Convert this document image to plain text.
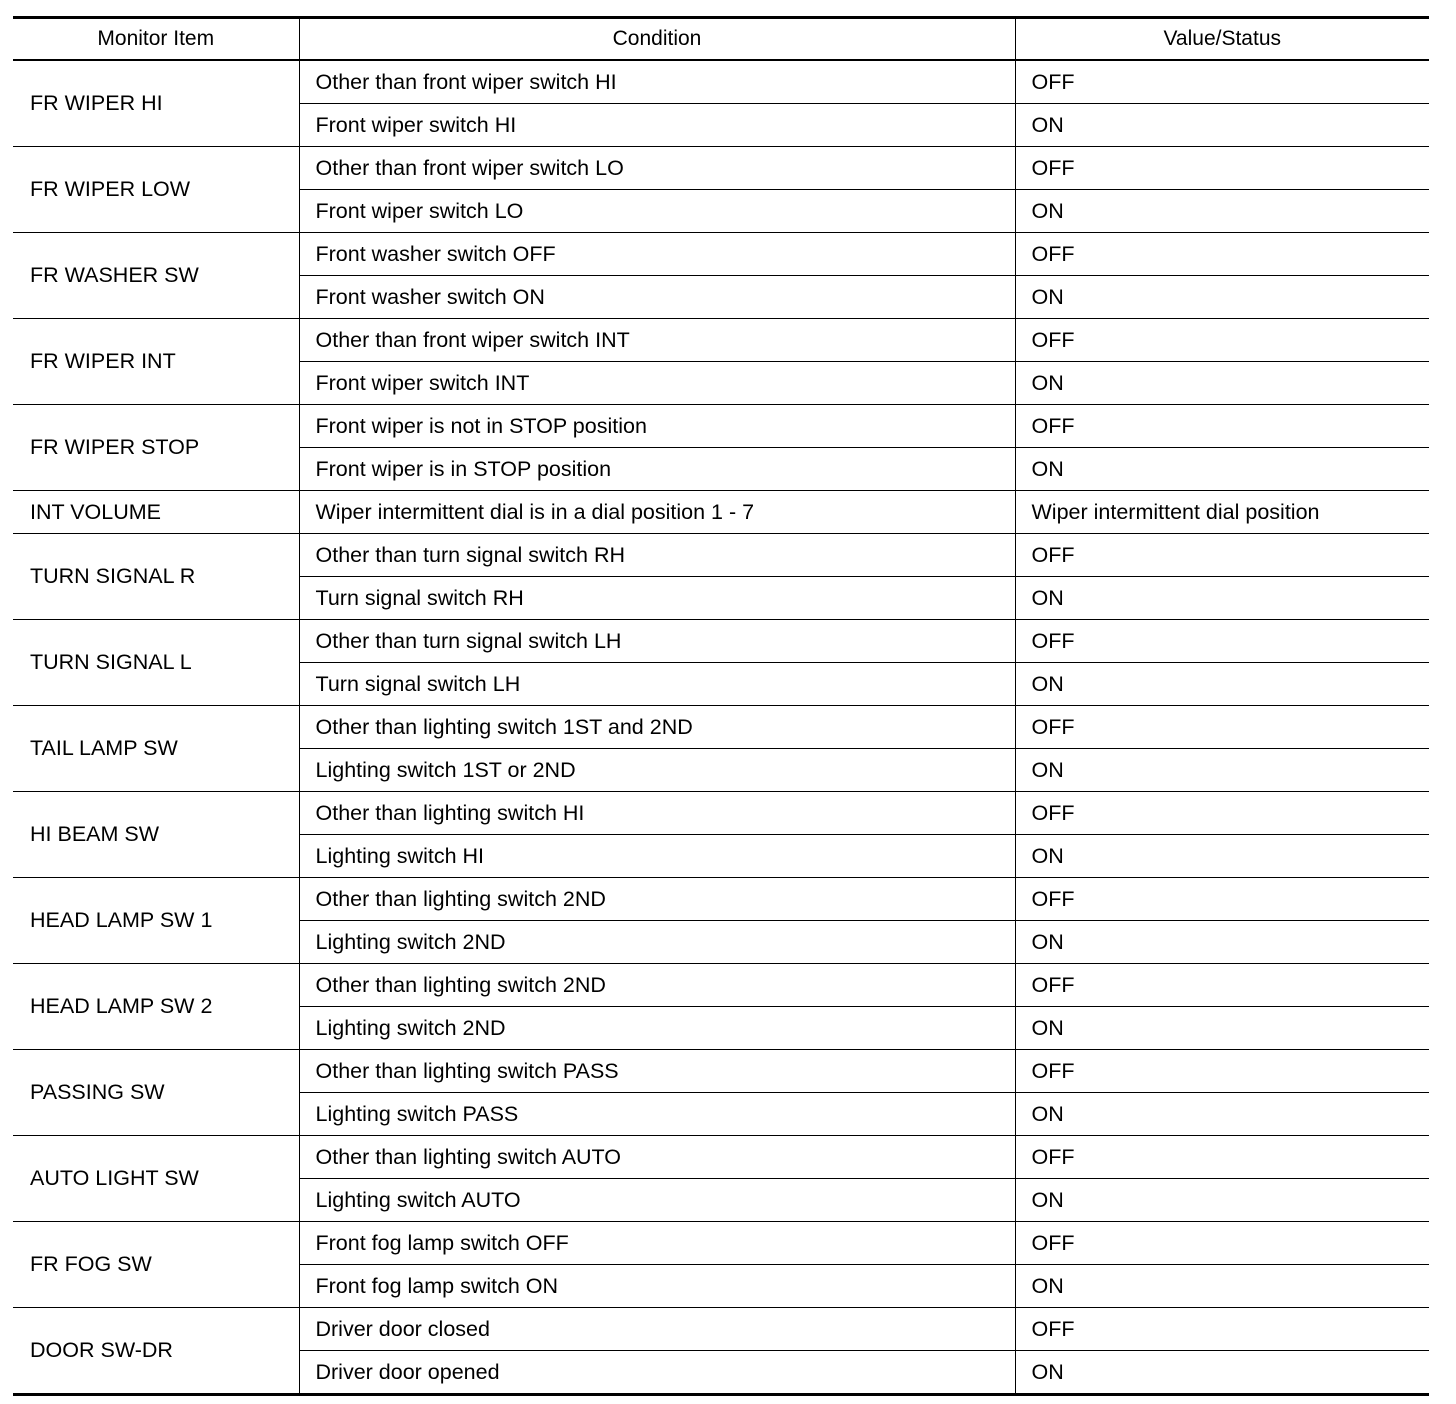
Monitor Item	Condition	Value/Status
FR WIPER HI	Other than front wiper switch HI	OFF
	Front wiper switch HI	ON
FR WIPER LOW	Other than front wiper switch LO	OFF
	Front wiper switch LO	ON
FR WASHER SW	Front washer switch OFF	OFF
	Front washer switch ON	ON
FR WIPER INT	Other than front wiper switch INT	OFF
	Front wiper switch INT	ON
FR WIPER STOP	Front wiper is not in STOP position	OFF
	Front wiper is in STOP position	ON
INT VOLUME	Wiper intermittent dial is in a dial position 1 - 7	Wiper intermittent dial position
TURN SIGNAL R	Other than turn signal switch RH	OFF
	Turn signal switch RH	ON
TURN SIGNAL L	Other than turn signal switch LH	OFF
	Turn signal switch LH	ON
TAIL LAMP SW	Other than lighting switch 1ST and 2ND	OFF
	Lighting switch 1ST or 2ND	ON
HI BEAM SW	Other than lighting switch HI	OFF
	Lighting switch HI	ON
HEAD LAMP SW 1	Other than lighting switch 2ND	OFF
	Lighting switch 2ND	ON
HEAD LAMP SW 2	Other than lighting switch 2ND	OFF
	Lighting switch 2ND	ON
PASSING SW	Other than lighting switch PASS	OFF
	Lighting switch PASS	ON
AUTO LIGHT SW	Other than lighting switch AUTO	OFF
	Lighting switch AUTO	ON
FR FOG SW	Front fog lamp switch OFF	OFF
	Front fog lamp switch ON	ON
DOOR SW-DR	Driver door closed	OFF
	Driver door opened	ON
